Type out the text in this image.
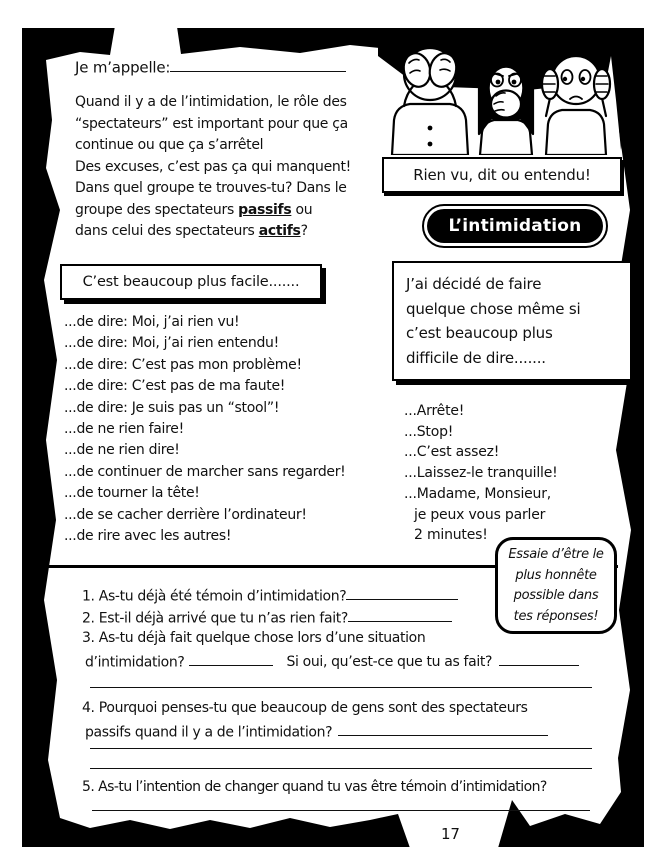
Je m’appelle:
Quand il y a de l’intimidation, le rôle des
“spectateurs” est important pour que ça
continue ou que ça s’arrêtel
Des excuses, c’est pas ça qui manquent!
Dans quel groupe te trouves-tu? Dans le
groupe des spectateurs passifs ou
dans celui des spectateurs actifs?
Rien vu, dit ou entendu!
L’intimidation
C’est beaucoup plus facile.......
...de dire: Moi, j’ai rien vu!
...de dire: Moi, j’ai rien entendu!
...de dire: C’est pas mon problème!
...de dire: C’est pas de ma faute!
...de dire: Je suis pas un “stool”!
...de ne rien faire!
...de ne rien dire!
...de continuer de marcher sans regarder!
...de tourner la tête!
...de se cacher derrière l’ordinateur!
...de rire avec les autres!
J’ai décidé de faire
quelque chose même si
c’est beaucoup plus
difficile de dire.......
...Arrête!
...Stop!
...C’est assez!
...Laissez-le tranquille!
...Madame, Monsieur,
je peux vous parler
2 minutes!
Essaie d’être le
plus honnête
possible dans
tes réponses!
1. As-tu déjà été témoin d’intimidation?
2. Est-il déjà arrivé que tu n’as rien fait?
3. As-tu déjà fait quelque chose lors d’une situation
d’intimidation?	Si oui, qu’est-ce que tu as fait?
4. Pourquoi penses-tu que beaucoup de gens sont des spectateurs
passifs quand il y a de l’intimidation?
5. As-tu l’intention de changer quand tu vas être témoin d’intimidation?
17
